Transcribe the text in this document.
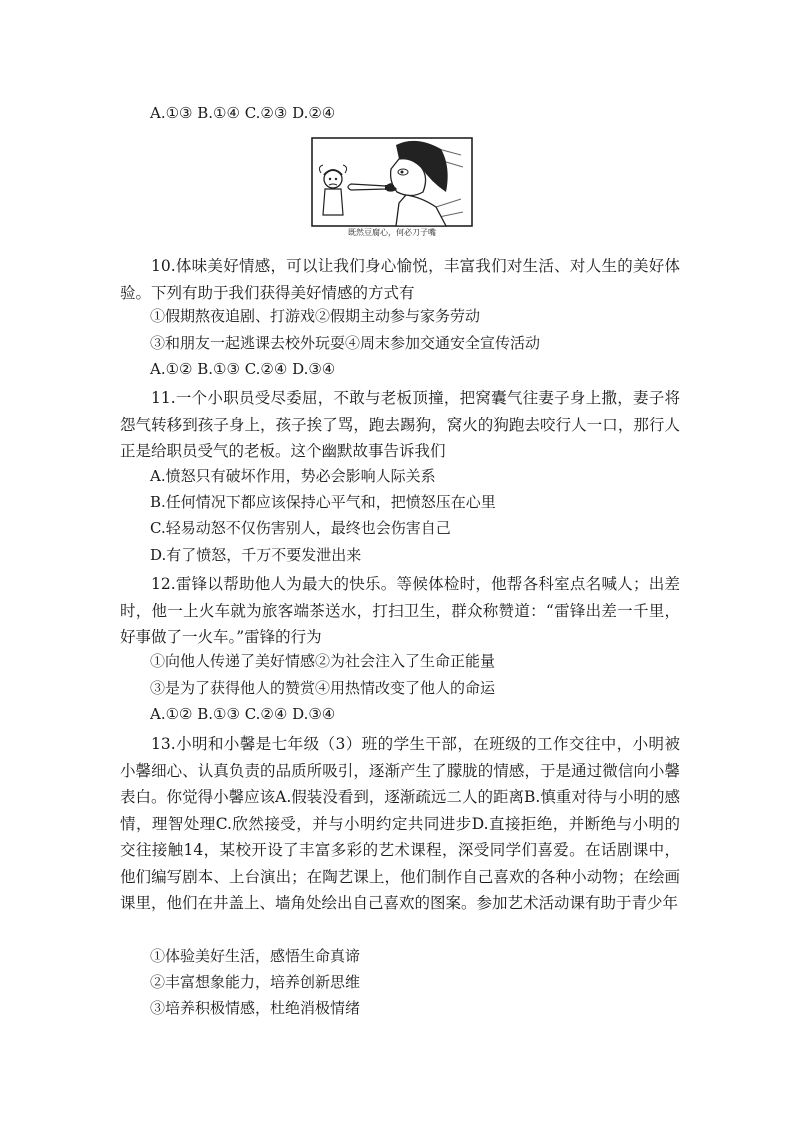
A.①③ B.①④ C.②③ D.②④
既然豆腐心，何必刀子嘴

10.体味美好情感，可以让我们身心愉悦，丰富我们对生活、对人生的美好体验。下列有助于我们获得美好情感的方式有

①假期熬夜追剧、打游戏②假期主动参与家务劳动
③和朋友一起逃课去校外玩耍④周末参加交通安全宣传活动
A.①② B.①③ C.②④ D.③④

11.一个小职员受尽委屈，不敢与老板顶撞，把窝囊气往妻子身上撒，妻子将怨气转移到孩子身上，孩子挨了骂，跑去踢狗，窝火的狗跑去咬行人一口，那行人正是给职员受气的老板。这个幽默故事告诉我们

A.愤怒只有破坏作用，势必会影响人际关系
B.任何情况下都应该保持心平气和，把愤怒压在心里
C.轻易动怒不仅伤害别人，最终也会伤害自己
D.有了愤怒，千万不要发泄出来

12.雷锋以帮助他人为最大的快乐。等候体检时，他帮各科室点名喊人；出差时，他一上火车就为旅客端茶送水，打扫卫生，群众称赞道：“雷锋出差一千里，好事做了一火车。”雷锋的行为

①向他人传递了美好情感②为社会注入了生命正能量
③是为了获得他人的赞赏④用热情改变了他人的命运
A.①② B.①③ C.②④ D.③④

13.小明和小馨是七年级（3）班的学生干部，在班级的工作交往中，小明被小馨细心、认真负责的品质所吸引，逐渐产生了朦胧的情感，于是通过微信向小馨表白。你觉得小馨应该A.假装没看到，逐渐疏远二人的距离B.慎重对待与小明的感情，理智处理C.欣然接受，并与小明约定共同进步D.直接拒绝，并断绝与小明的交往接触14，某校开设了丰富多彩的艺术课程，深受同学们喜爱。在话剧课中，他们编写剧本、上台演出；在陶艺课上，他们制作自己喜欢的各种小动物；在绘画课里，他们在井盖上、墙角处绘出自己喜欢的图案。参加艺术活动课有助于青少年

①体验美好生活，感悟生命真谛
②丰富想象能力，培养创新思维
③培养积极情感，杜绝消极情绪
